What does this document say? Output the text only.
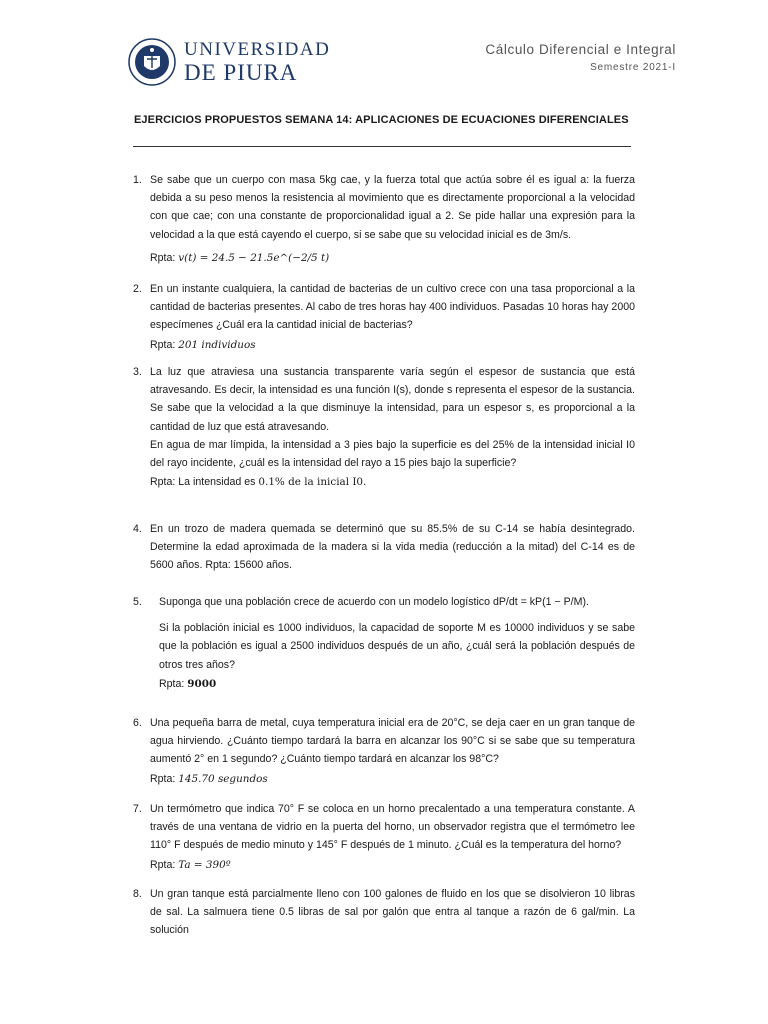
UNIVERSIDAD
DE PIURA
Cálculo Diferencial e Integral
Semestre 2021-I
EJERCICIOS PROPUESTOS SEMANA 14: APLICACIONES DE ECUACIONES DIFERENCIALES
1. Se sabe que un cuerpo con masa 5kg cae, y la fuerza total que actúa sobre él es igual a: la fuerza debida a su peso menos la resistencia al movimiento que es directamente proporcional a la velocidad con que cae; con una constante de proporcionalidad igual a 2. Se pide hallar una expresión para la velocidad a la que está cayendo el cuerpo, si se sabe que su velocidad inicial es de 3m/s.
Rpta: v(t) = 24.5 − 21.5e^(−2/5 t)
2. En un instante cualquiera, la cantidad de bacterias de un cultivo crece con una tasa proporcional a la cantidad de bacterias presentes. Al cabo de tres horas hay 400 individuos. Pasadas 10 horas hay 2000 especímenes ¿Cuál era la cantidad inicial de bacterias?
Rpta: 201 individuos
3. La luz que atraviesa una sustancia transparente varía según el espesor de sustancia que está atravesando. Es decir, la intensidad es una función I(s), donde s representa el espesor de la sustancia. Se sabe que la velocidad a la que disminuye la intensidad, para un espesor s, es proporcional a la cantidad de luz que está atravesando.
En agua de mar límpida, la intensidad a 3 pies bajo la superficie es del 25% de la intensidad inicial I0 del rayo incidente, ¿cuál es la intensidad del rayo a 15 pies bajo la superficie?
Rpta: La intensidad es 0.1% de la inicial I0.
4. En un trozo de madera quemada se determinó que su 85.5% de su C-14 se había desintegrado. Determine la edad aproximada de la madera si la vida media (reducción a la mitad) del C-14 es de 5600 años. Rpta: 15600 años.
5. Suponga que una población crece de acuerdo con un modelo logístico dP/dt = kP(1 − P/M).
Si la población inicial es 1000 individuos, la capacidad de soporte M es 10000 individuos y se sabe que la población es igual a 2500 individuos después de un año, ¿cuál será la población después de otros tres años?
Rpta: 9000
6. Una pequeña barra de metal, cuya temperatura inicial era de 20°C, se deja caer en un gran tanque de agua hirviendo. ¿Cuánto tiempo tardará la barra en alcanzar los 90°C si se sabe que su temperatura aumentó 2° en 1 segundo? ¿Cuánto tiempo tardará en alcanzar los 98°C?
Rpta: 145.70 segundos
7. Un termómetro que indica 70° F se coloca en un horno precalentado a una temperatura constante. A través de una ventana de vidrio en la puerta del horno, un observador registra que el termómetro lee 110° F después de medio minuto y 145° F después de 1 minuto. ¿Cuál es la temperatura del horno?
Rpta: Ta = 390º
8. Un gran tanque está parcialmente lleno con 100 galones de fluido en los que se disolvieron 10 libras de sal. La salmuera tiene 0.5 libras de sal por galón que entra al tanque a razón de 6 gal/min. La solución
